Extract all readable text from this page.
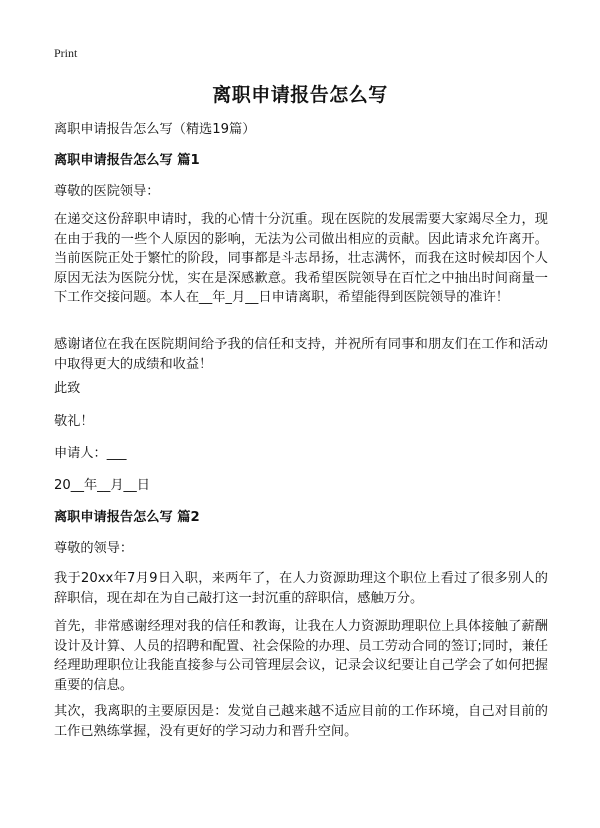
Print
离职申请报告怎么写

离职申请报告怎么写（精选19篇）

离职申请报告怎么写 篇1

尊敬的医院领导：

在递交这份辞职申请时，我的心情十分沉重。现在医院的发展需要大家竭尽全力，现在由于我的一些个人原因的影响，无法为公司做出相应的贡献。因此请求允许离开。当前医院正处于繁忙的阶段，同事都是斗志昂扬，壮志满怀，而我在这时候却因个人原因无法为医院分忧，实在是深感歉意。我希望医院领导在百忙之中抽出时间商量一下工作交接问题。本人在__年_月__日申请离职，希望能得到医院领导的准许！

感谢诸位在我在医院期间给予我的信任和支持，并祝所有同事和朋友们在工作和活动中取得更大的成绩和收益！

此致

敬礼！

申请人：___

20__年__月__日

离职申请报告怎么写 篇2

尊敬的领导：

我于20xx年7月9日入职，来两年了，在人力资源助理这个职位上看过了很多别人的辞职信，现在却在为自己敲打这一封沉重的辞职信，感触万分。

首先，非常感谢经理对我的信任和教诲，让我在人力资源助理职位上具体接触了薪酬设计及计算、人员的招聘和配置、社会保险的办理、员工劳动合同的签订;同时，兼任经理助理职位让我能直接参与公司管理层会议，记录会议纪要让自己学会了如何把握重要的信息。

其次，我离职的主要原因是：发觉自己越来越不适应目前的工作环境，自己对目前的工作已熟练掌握，没有更好的学习动力和晋升空间。
